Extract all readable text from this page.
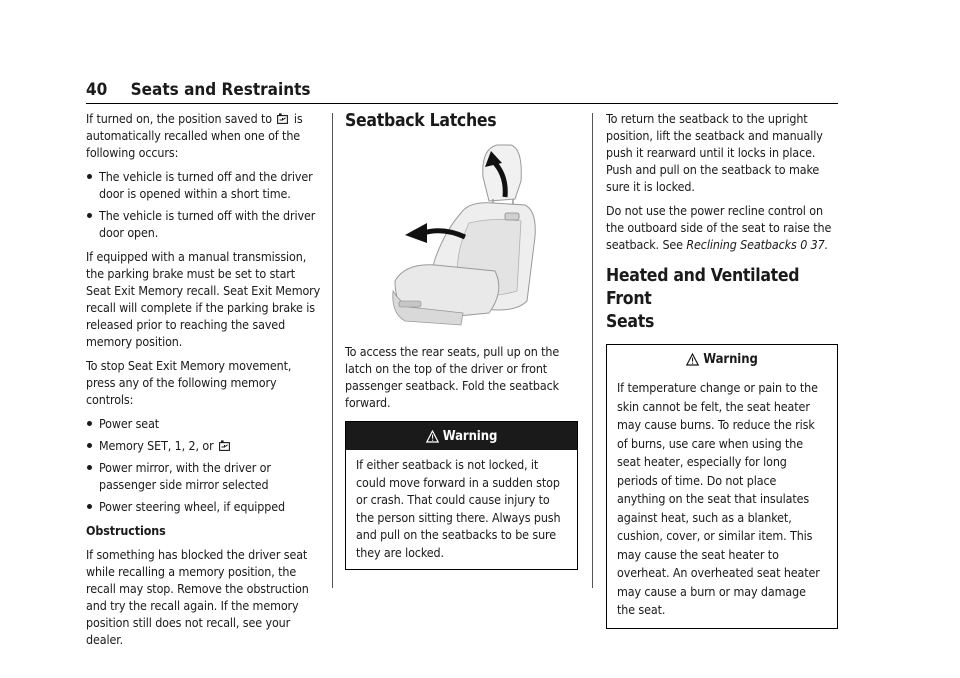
40 Seats and Restraints

If turned on, the position saved to is automatically recalled when one of the following occurs:

The vehicle is turned off and the driver door is opened within a short time.
The vehicle is turned off with the driver door open.

If equipped with a manual transmission, the parking brake must be set to start Seat Exit Memory recall. Seat Exit Memory recall will complete if the parking brake is released prior to reaching the saved memory position.

To stop Seat Exit Memory movement, press any of the following memory controls:

Power seat
Memory SET, 1, 2, or
Power mirror, with the driver or passenger side mirror selected
Power steering wheel, if equipped

Obstructions

If something has blocked the driver seat while recalling a memory position, the recall may stop. Remove the obstruction and try the recall again. If the memory position still does not recall, see your dealer.

Seatback Latches

To access the rear seats, pull up on the latch on the top of the driver or front passenger seatback. Fold the seatback forward.

Warning

If either seatback is not locked, it could move forward in a sudden stop or crash. That could cause injury to the person sitting there. Always push and pull on the seatbacks to be sure they are locked.

To return the seatback to the upright position, lift the seatback and manually push it rearward until it locks in place. Push and pull on the seatback to make sure it is locked.

Do not use the power recline control on the outboard side of the seat to raise the seatback. See Reclining Seatbacks 0 37.

Heated and Ventilated Front
Seats
Warning

If temperature change or pain to the skin cannot be felt, the seat heater may cause burns. To reduce the risk of burns, use care when using the seat heater, especially for long periods of time. Do not place anything on the seat that insulates against heat, such as a blanket, cushion, cover, or similar item. This may cause the seat heater to overheat. An overheated seat heater may cause a burn or may damage the seat.
